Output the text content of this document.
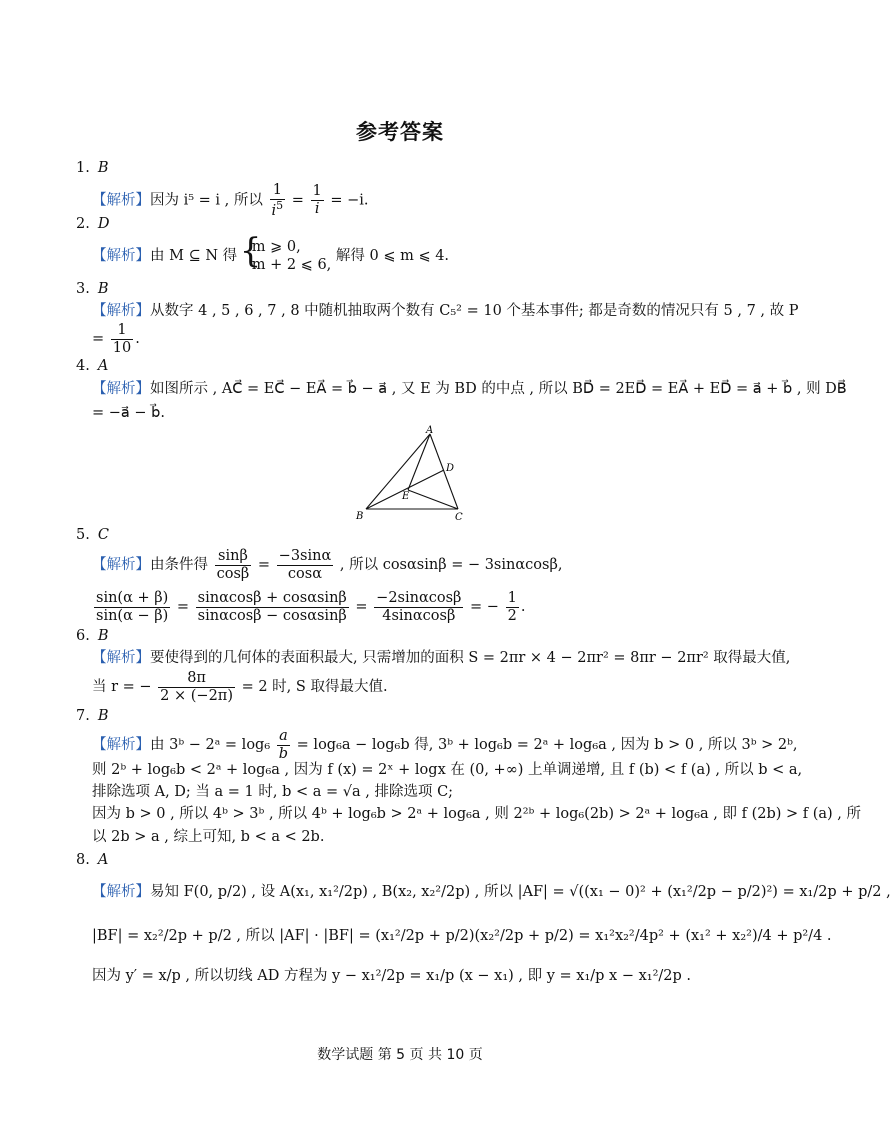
参考答案
1. B
【解析】因为 i⁵ = i , 所以 $\frac{1}{i^5} = \frac{1}{i} = -i$.
2. D
【解析】由 M ⊆ N 得
{ m ⩾ 0,
m + 2 ⩽ 6,
解得 0 ⩽ m ⩽ 4.
3. B
【解析】从数字 4 , 5 , 6 , 7 , 8 中随机抽取两个数有 C₅² = 10 个基本事件; 都是奇数的情况只有 5 , 7 , 故 P
= $\frac{1}{10}$ .
4. A
【解析】如图所示 , AC⃗ = EC⃗ − EA⃗ = b⃗ − a⃗ , 又 E 为 BD 的中点 , 所以 BD⃗ = 2ED⃗ = EA⃗ + ED⃗ = a⃗ + b⃗ , 则 DB⃗
= −a⃗ − b⃗.
A
B	C
D
E
5. C
【解析】由条件得 $\frac{\sin\beta}{\cos\beta} = \frac{-3\sin\alpha}{\cos\alpha}$ , 所以 cosαsinβ = − 3sinαcosβ,
$\frac{\sin(\alpha + \beta)}{\sin(\alpha - \beta)} = \frac{\sin\alpha\cos\beta + \cos\alpha\sin\beta}{\sin\alpha\cos\beta - \cos\alpha\sin\beta} = \frac{-2\sin\alpha\cos\beta}{4\sin\alpha\cos\beta}$ = − $\frac{1}{2}$ .
6. B
【解析】要使得到的几何体的表面积最大, 只需增加的面积 S = 2πr × 4 − 2πr² = 8πr − 2πr² 取得最大值,
当 r = − $\frac{8\pi}{2 \times (-2\pi)} = 2$ 时, S 取得最大值.
7. B
【解析】由 3ᵇ − 2ᵃ = $\log_6 \frac{a}{b} = \log_6a - \log_6b$ 得, 3ᵇ + log₆b = 2ᵃ + log₆a , 因为 b > 0 , 所以 3ᵇ > 2ᵇ,
则 2ᵇ + log₆b < 2ᵃ + log₆a , 因为 f (x) = 2ˣ + logx 在 (0, +∞) 上单调递增, 且 f (b) < f (a) , 所以 b < a,
排除选项 A, D; 当 a = 1 时, b < a = √a , 排除选项 C;
因为 b > 0 , 所以 4ᵇ > 3ᵇ , 所以 4ᵇ + log₆b > 2ᵃ + log₆a , 则 2²ᵇ + log₆(2b) > 2ᵃ + log₆a , 即 f (2b) > f (a) , 所
以 2b > a , 综上可知, b < a < 2b.
8. A
【解析】易知 F(0, p/2) , 设 A(x₁, x₁²/2p) , B(x₂, x₂²/2p) , 所以 |AF| = √((x₁ − 0)² + (x₁²/2p − p/2)²) = x₁/2p + p/2 ,
|BF| = x₂²/2p + p/2 , 所以 |AF| · |BF| = (x₁²/2p + p/2)(x₂²/2p + p/2) = x₁²x₂²/4p² + (x₁² + x₂²)/4 + p²/4 .
因为 y′ = x/p , 所以切线 AD 方程为 y − x₁²/2p = x₁/p (x − x₁) , 即 y = x₁/p x − x₁²/2p .
数学试题 第 5 页 共 10 页
